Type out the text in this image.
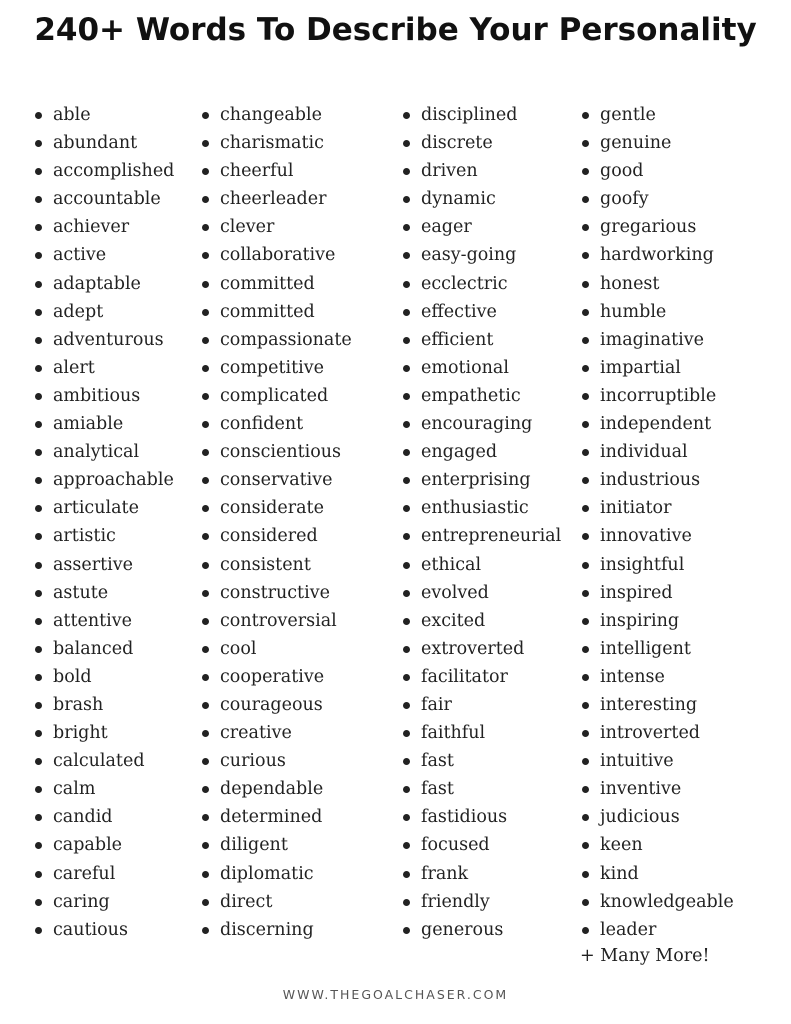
240+ Words To Describe Your Personality
able
abundant
accomplished
accountable
achiever
active
adaptable
adept
adventurous
alert
ambitious
amiable
analytical
approachable
articulate
artistic
assertive
astute
attentive
balanced
bold
brash
bright
calculated
calm
candid
capable
careful
caring
cautious
changeable
charismatic
cheerful
cheerleader
clever
collaborative
committed
committed
compassionate
competitive
complicated
confident
conscientious
conservative
considerate
considered
consistent
constructive
controversial
cool
cooperative
courageous
creative
curious
dependable
determined
diligent
diplomatic
direct
discerning
disciplined
discrete
driven
dynamic
eager
easy-going
ecclectric
effective
efficient
emotional
empathetic
encouraging
engaged
enterprising
enthusiastic
entrepreneurial
ethical
evolved
excited
extroverted
facilitator
fair
faithful
fast
fast
fastidious
focused
frank
friendly
generous
gentle
genuine
good
goofy
gregarious
hardworking
honest
humble
imaginative
impartial
incorruptible
independent
individual
industrious
initiator
innovative
insightful
inspired
inspiring
intelligent
intense
interesting
introverted
intuitive
inventive
judicious
keen
kind
knowledgeable
leader
+ Many More!
WWW.THEGOALCHASER.COM
